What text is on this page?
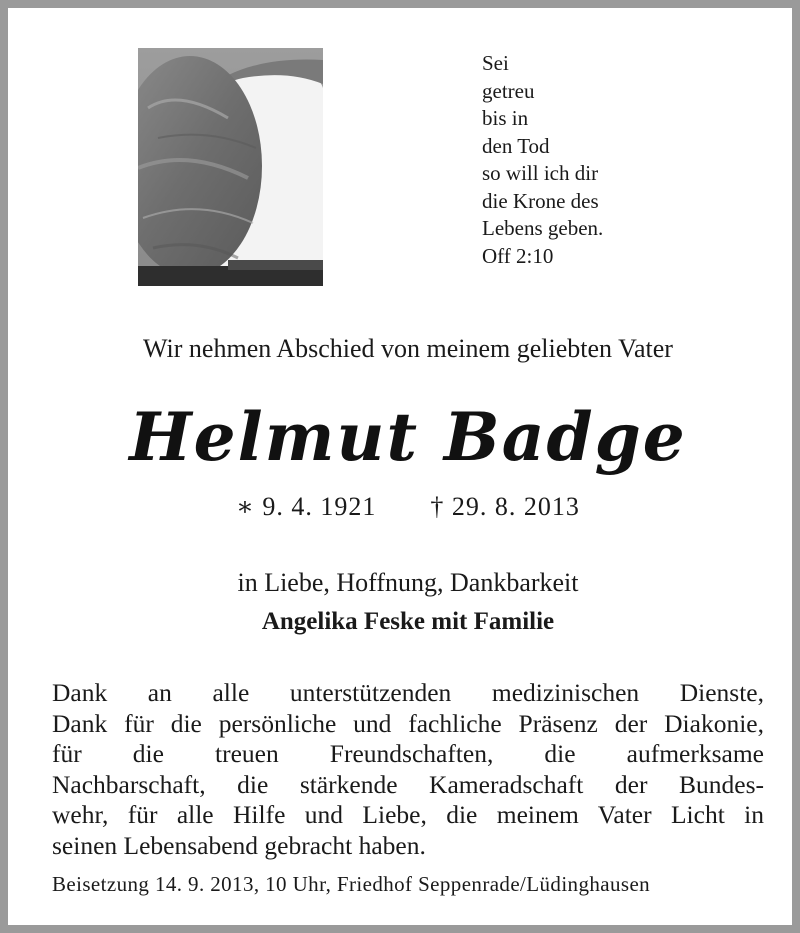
Sei
getreu
bis in
den Tod
so will ich dir
die Krone des
Lebens geben.
Off 2:10
Wir nehmen Abschied von meinem geliebten Vater
Helmut Badge
∗ 9. 4. 1921 † 29. 8. 2013
in Liebe, Hoffnung, Dankbarkeit
Angelika Feske mit Familie
Dank an alle unterstützenden medizinischen Dienste,
Dank für die persönliche und fachliche Präsenz der Diakonie,
für die treuen Freundschaften, die aufmerksame
Nachbarschaft, die stärkende Kameradschaft der Bundes-
wehr, für alle Hilfe und Liebe, die meinem Vater Licht in
seinen Lebensabend gebracht haben.
Beisetzung 14. 9. 2013, 10 Uhr, Friedhof Seppenrade/Lüdinghausen
